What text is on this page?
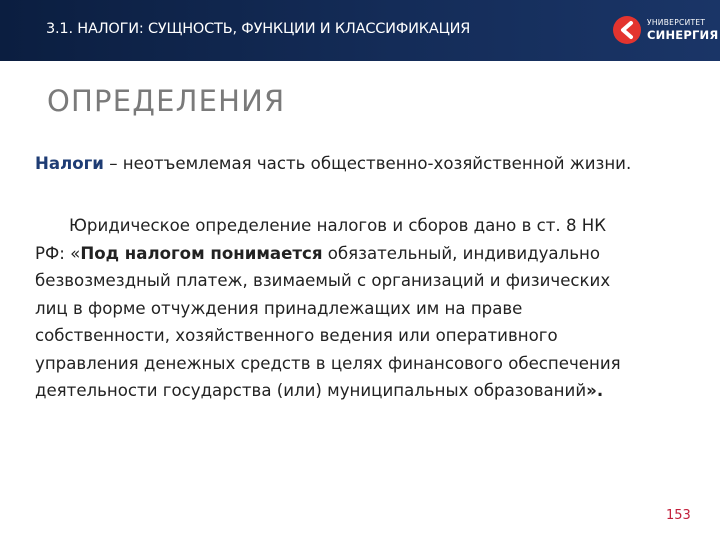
3.1. НАЛОГИ: СУЩНОСТЬ, ФУНКЦИИ И КЛАССИФИКАЦИЯ	УНИВЕРСИТЕТ
СИНЕРГИЯ
ОПРЕДЕЛЕНИЯ
Налоги – неотъемлемая часть общественно-хозяйственной жизни.
Юридическое определение налогов и сборов дано в ст. 8 НК
РФ: «Под налогом понимается обязательный, индивидуально
безвозмездный платеж, взимаемый с организаций и физических
лиц в форме отчуждения принадлежащих им на праве
собственности, хозяйственного ведения или оперативного
управления денежных средств в целях финансового обеспечения
деятельности государства (или) муниципальных образований».
153
